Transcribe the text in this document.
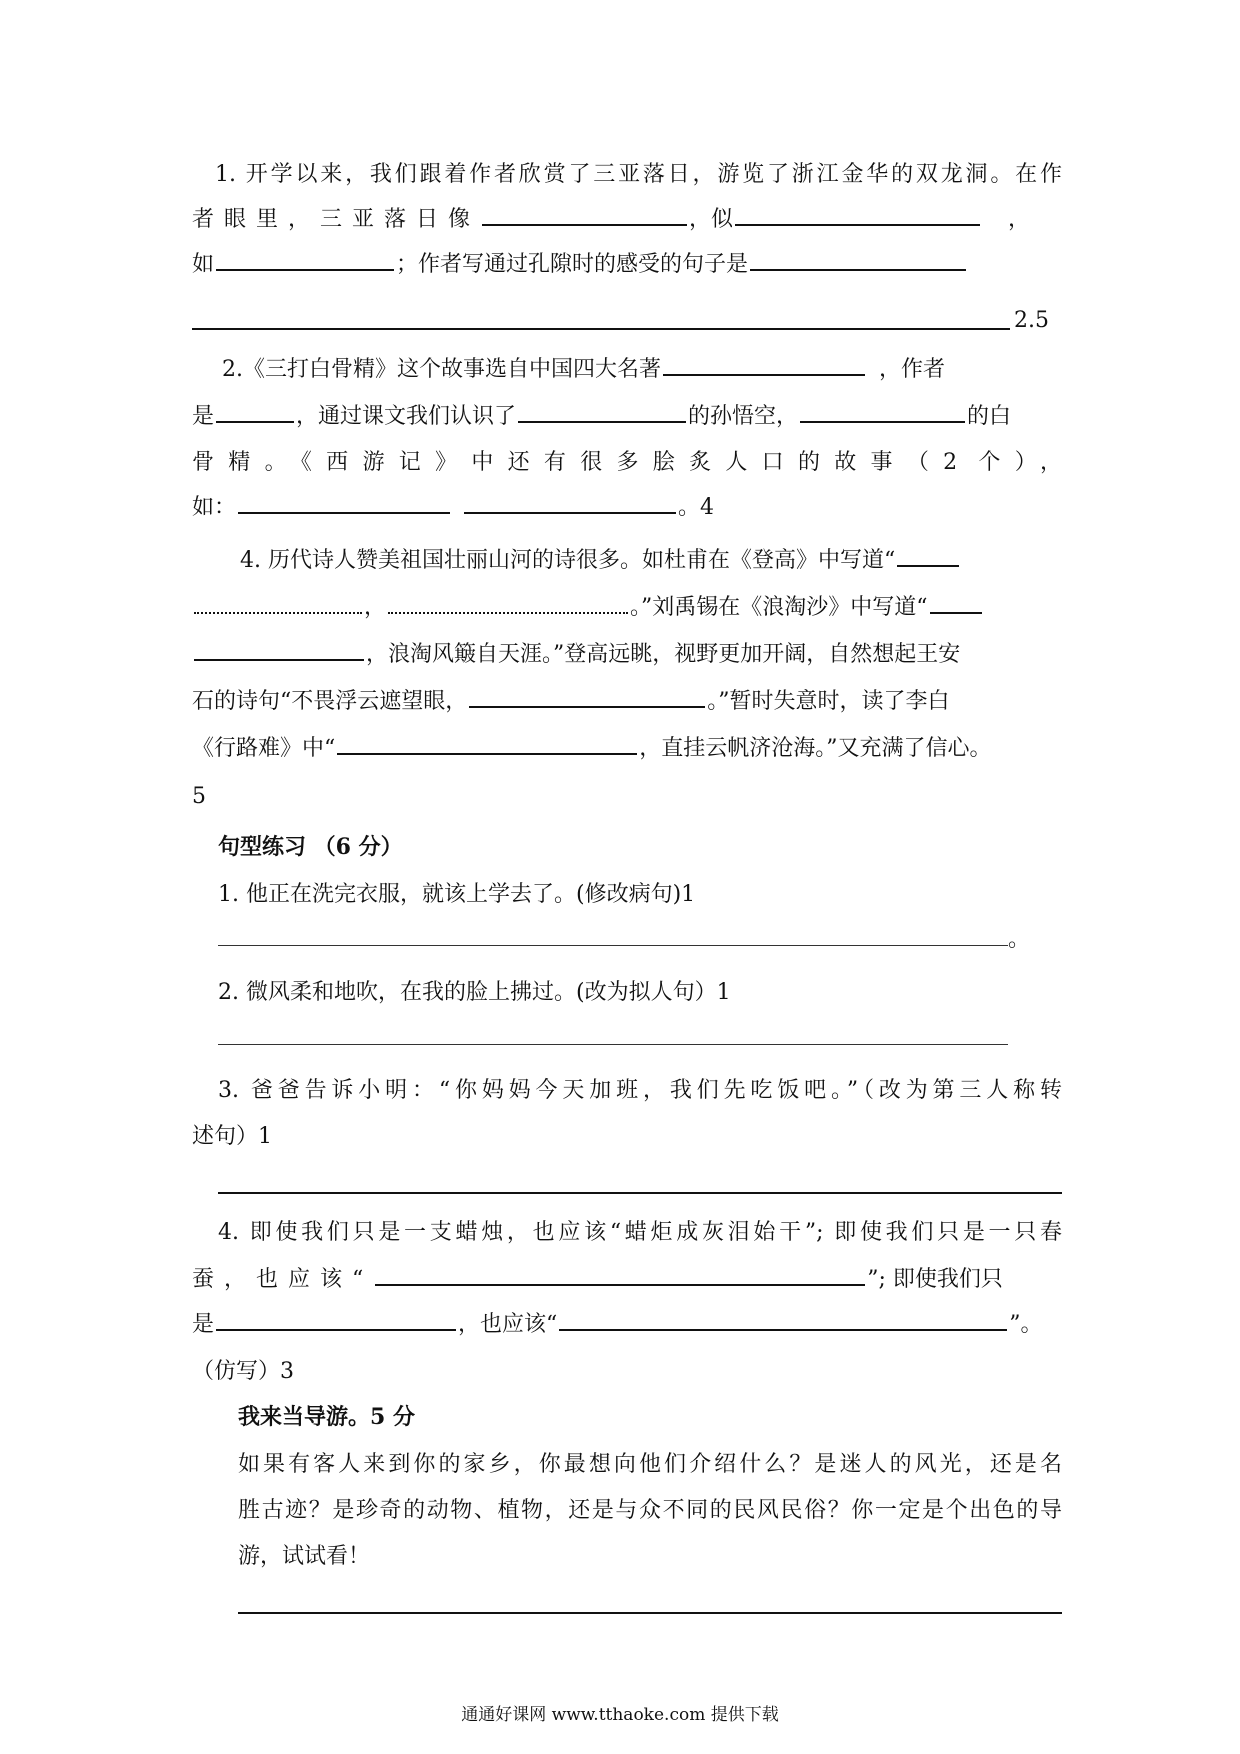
1. 开学以来，我们跟着作者欣赏了三亚落日，游览了浙江金华的双龙洞。在作
者眼里，三亚落日像	，似	，
如	；作者写通过孔隙时的感受的句子是
2.5
2.《三打白骨精》这个故事选自中国四大名著	，作者
是	，通过课文我们认识了	的孙悟空，	的白
骨精。《西游记》中还有很多脍炙人口的故事（2 个），
如：	。4
4. 历代诗人赞美祖国壮丽山河的诗很多。如杜甫在《登高》中写道“
，	。”刘禹锡在《浪淘沙》中写道“
，浪淘风簸自天涯。”登高远眺，视野更加开阔，自然想起王安
石的诗句“不畏浮云遮望眼，	。”暂时失意时，读了李白
《行路难》中“	，直挂云帆济沧海。”又充满了信心。
5
句型练习 （6 分）
1. 他正在洗完衣服，就该上学去了。(修改病句)1
。
2. 微风柔和地吹，在我的脸上拂过。(改为拟人句）1
3. 爸爸告诉小明：“你妈妈今天加班，我们先吃饭吧。”（改为第三人称转
述句）1
4. 即使我们只是一支蜡烛，也应该“蜡炬成灰泪始干”; 即使我们只是一只春
蚕，也应该“	”; 即使我们只
是	，也应该“	”。
（仿写）3
我来当导游。5 分
如果有客人来到你的家乡，你最想向他们介绍什么？是迷人的风光，还是名
胜古迹？是珍奇的动物、植物，还是与众不同的民风民俗？你一定是个出色的导
游，试试看！
通通好课网 www.tthaoke.com 提供下载
